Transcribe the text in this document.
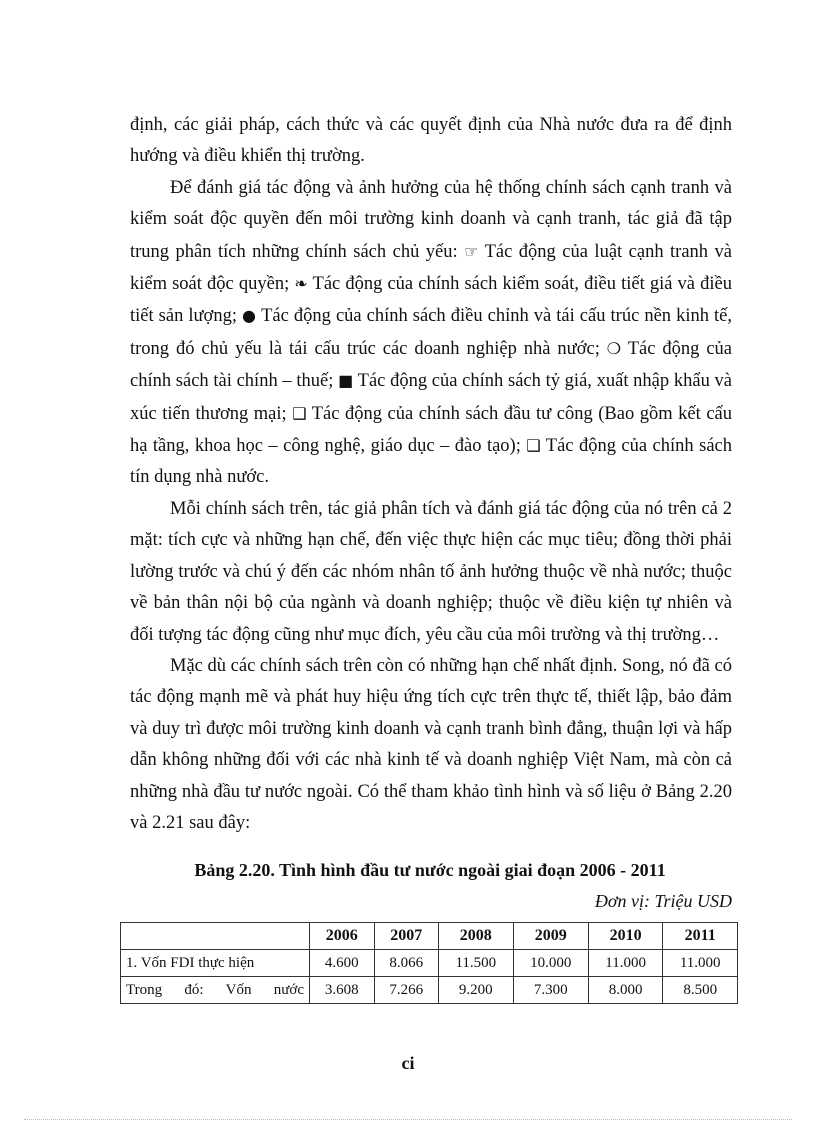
định, các giải pháp, cách thức và các quyết định của Nhà nước đưa ra để định hướng và điều khiển thị trường.

Để đánh giá tác động và ảnh hưởng của hệ thống chính sách cạnh tranh và kiểm soát độc quyền đến môi trường kinh doanh và cạnh tranh, tác giả đã tập trung phân tích những chính sách chủ yếu: ☞ Tác động của luật cạnh tranh và kiểm soát độc quyền; ❧ Tác động của chính sách kiểm soát, điều tiết giá và điều tiết sản lượng; ● Tác động của chính sách điều chỉnh và tái cấu trúc nền kinh tế, trong đó chủ yếu là tái cấu trúc các doanh nghiệp nhà nước; ❍ Tác động của chính sách tài chính – thuế; ■ Tác động của chính sách tỷ giá, xuất nhập khẩu và xúc tiến thương mại; ❑ Tác động của chính sách đầu tư công (Bao gồm kết cấu hạ tầng, khoa học – công nghệ, giáo dục – đào tạo); ❑ Tác động của chính sách tín dụng nhà nước.

Mỗi chính sách trên, tác giả phân tích và đánh giá tác động của nó trên cả 2 mặt: tích cực và những hạn chế, đến việc thực hiện các mục tiêu; đồng thời phải lường trước và chú ý đến các nhóm nhân tố ảnh hưởng thuộc về nhà nước; thuộc về bản thân nội bộ của ngành và doanh nghiệp; thuộc về điều kiện tự nhiên và đối tượng tác động cũng như mục đích, yêu cầu của môi trường và thị trường…

Mặc dù các chính sách trên còn có những hạn chế nhất định. Song, nó đã có tác động mạnh mẽ và phát huy hiệu ứng tích cực trên thực tế, thiết lập, bảo đảm và duy trì được môi trường kinh doanh và cạnh tranh bình đẳng, thuận lợi và hấp dẫn không những đối với các nhà kinh tế và doanh nghiệp Việt Nam, mà còn cả những nhà đầu tư nước ngoài. Có thể tham khảo tình hình và số liệu ở Bảng 2.20 và 2.21 sau đây:

Bảng 2.20. Tình hình đầu tư nước ngoài giai đoạn 2006 - 2011
Đơn vị: Triệu USD
	2006	2007	2008	2009	2010	2011
1. Vốn FDI thực hiện	4.600	8.066	11.500	10.000	11.000	11.000
Trong đó: Vốn nước	3.608	7.266	9.200	7.300	8.000	8.500
ci
